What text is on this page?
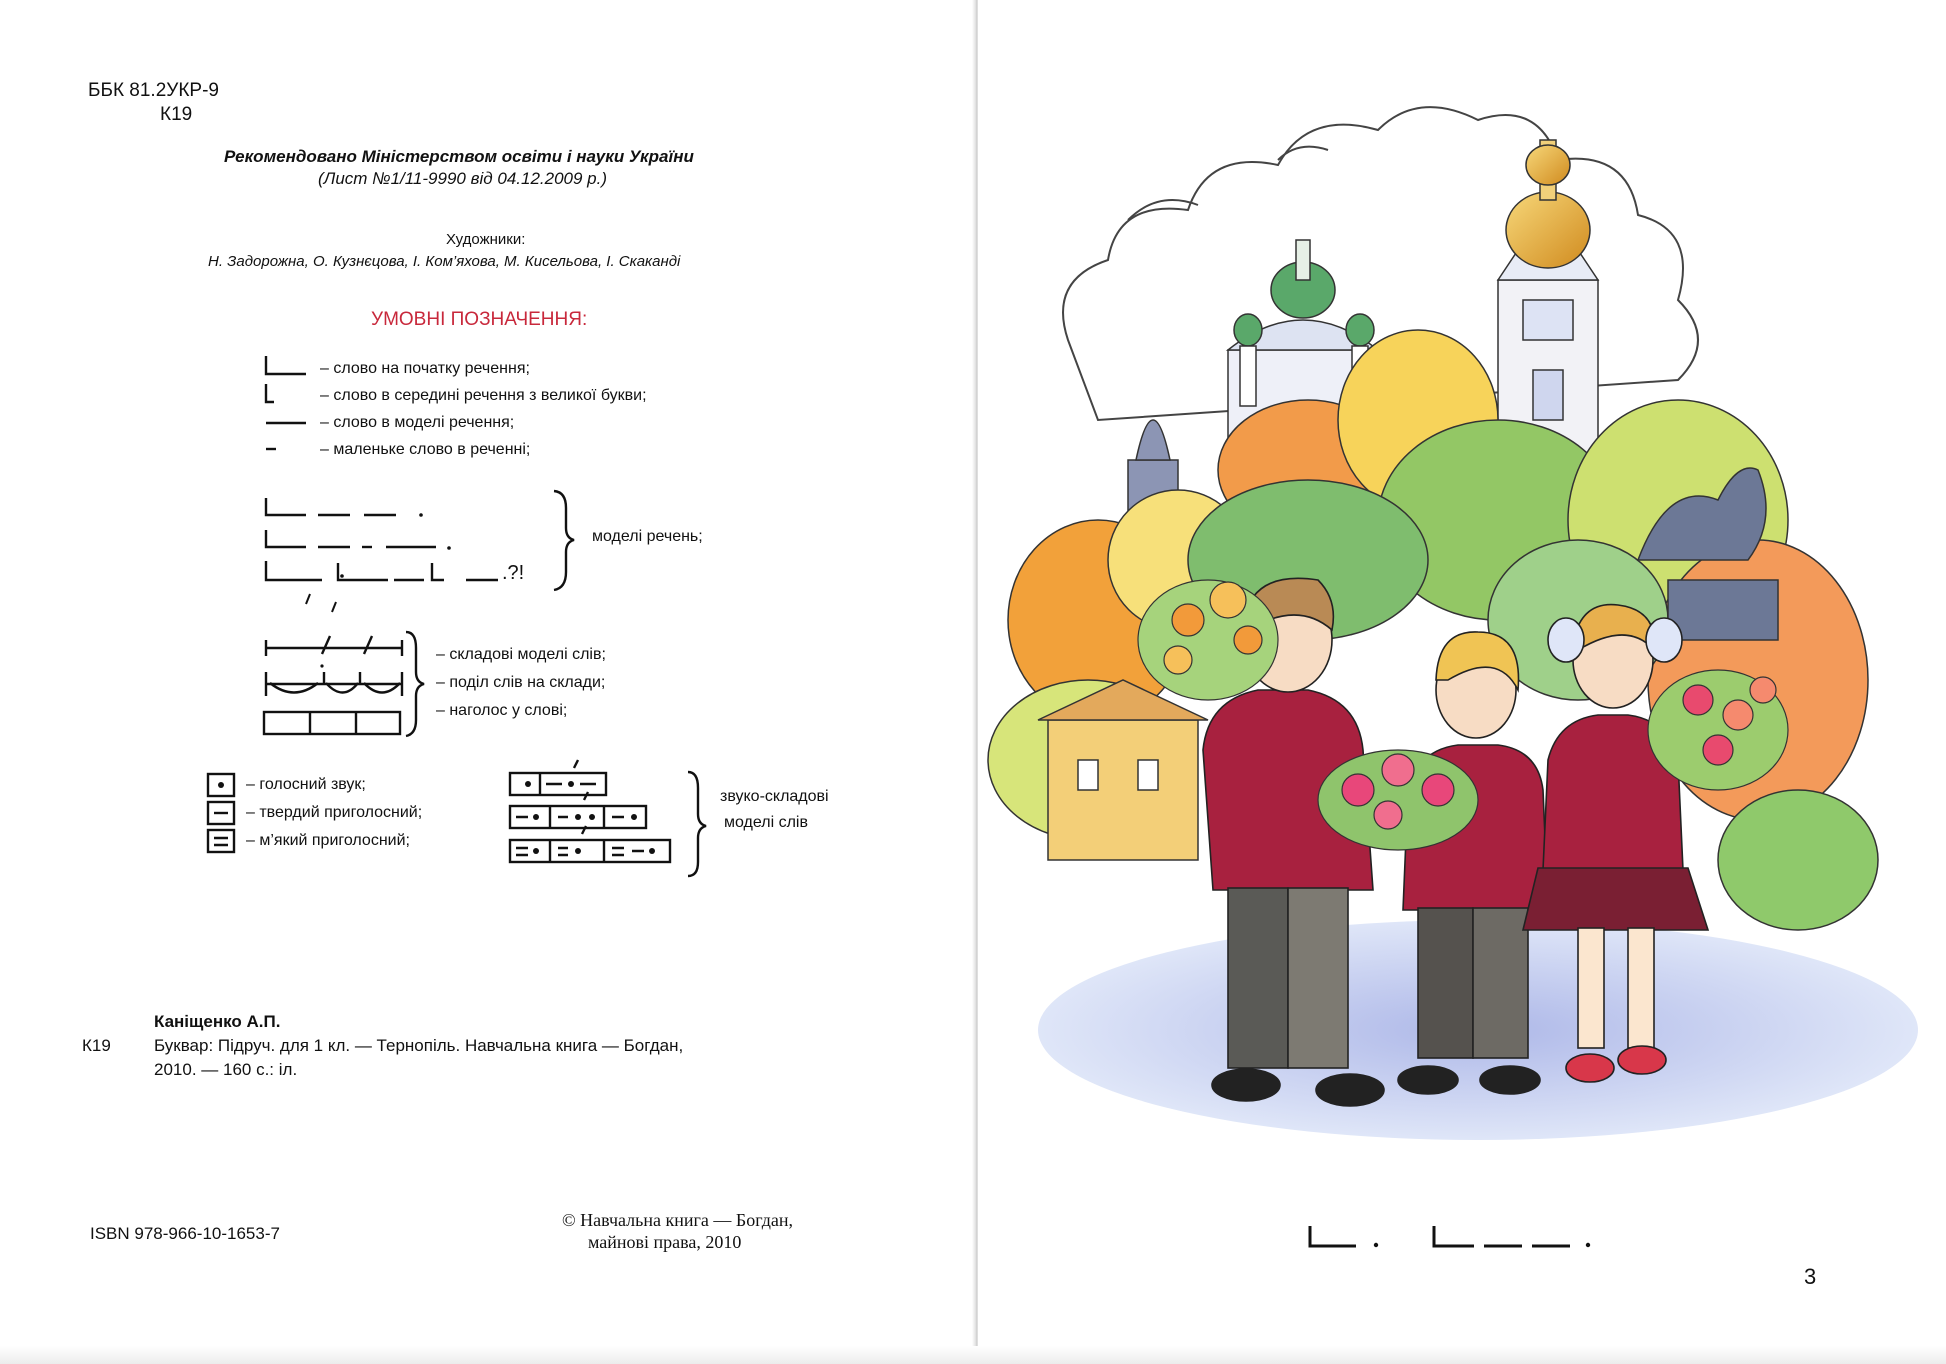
ББК 81.2УКР-9
К19
Рекомендовано Міністерством освіти і науки України
(Лист №1/11-9990 від 04.12.2009 р.)
Художники:
Н. Задорожна, О. Кузнєцова, І. Ком’яхова, М. Кисельова, І. Скаканді
УМОВНІ ПОЗНАЧЕННЯ:
– слово на початку речення;
– слово в середині речення з великої букви;
– слово в моделі речення;
– маленьке слово в реченні;
.?!
моделі речень;
– складові моделі слів;
– поділ слів на склади;
– наголос у слові;
– голосний звук;
– твердий приголосний;
– м’який приголосний;
звуко-складові
моделі слів
Каніщенко А.П.
К19	Буквар: Підруч. для 1 кл. — Тернопіль. Навчальна книга — Богдан,
2010. — 160 с.: іл.
ISBN 978-966-10-1653-7
© Навчальна книга — Богдан,
майнові права, 2010
3
